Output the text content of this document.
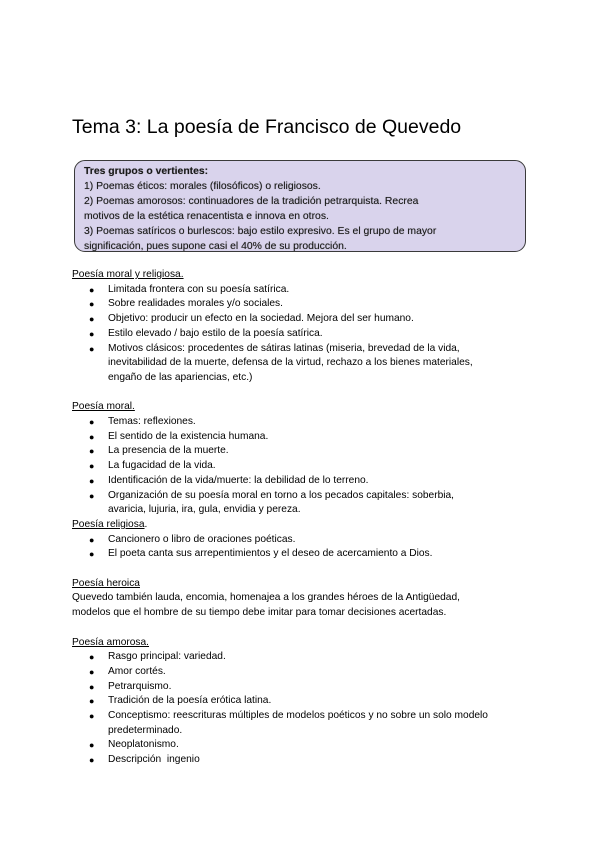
Tema 3: La poesía de Francisco de Quevedo
Tres grupos o vertientes:
1) Poemas éticos: morales (filosóficos) o religiosos.
2) Poemas amorosos: continuadores de la tradición petrarquista. Recrea
motivos de la estética renacentista e innova en otros.
3) Poemas satíricos o burlescos: bajo estilo expresivo. Es el grupo de mayor
significación, pues supone casi el 40% de su producción.
Poesía moral y religiosa.
● Limitada frontera con su poesía satírica.
● Sobre realidades morales y/o sociales.
● Objetivo: producir un efecto en la sociedad. Mejora del ser humano.
● Estilo elevado / bajo estilo de la poesía satírica.
● Motivos clásicos: procedentes de sátiras latinas (miseria, brevedad de la vida,
inevitabilidad de la muerte, defensa de la virtud, rechazo a los bienes materiales,
engaño de las apariencias, etc.)
Poesía moral.
● Temas: reflexiones.
● El sentido de la existencia humana.
● La presencia de la muerte.
● La fugacidad de la vida.
● Identificación de la vida/muerte: la debilidad de lo terreno.
● Organización de su poesía moral en torno a los pecados capitales: soberbia,
avaricia, lujuria, ira, gula, envidia y pereza.
Poesía religiosa.
● Cancionero o libro de oraciones poéticas.
● El poeta canta sus arrepentimientos y el deseo de acercamiento a Dios.
Poesía heroica
Quevedo también lauda, encomia, homenajea a los grandes héroes de la Antigüedad,
modelos que el hombre de su tiempo debe imitar para tomar decisiones acertadas.
Poesía amorosa.
● Rasgo principal: variedad.
● Amor cortés.
● Petrarquismo.
● Tradición de la poesía erótica latina.
● Conceptismo: reescrituras múltiples de modelos poéticos y no sobre un solo modelo
predeterminado.
● Neoplatonismo.
● Descripción  ingenio
